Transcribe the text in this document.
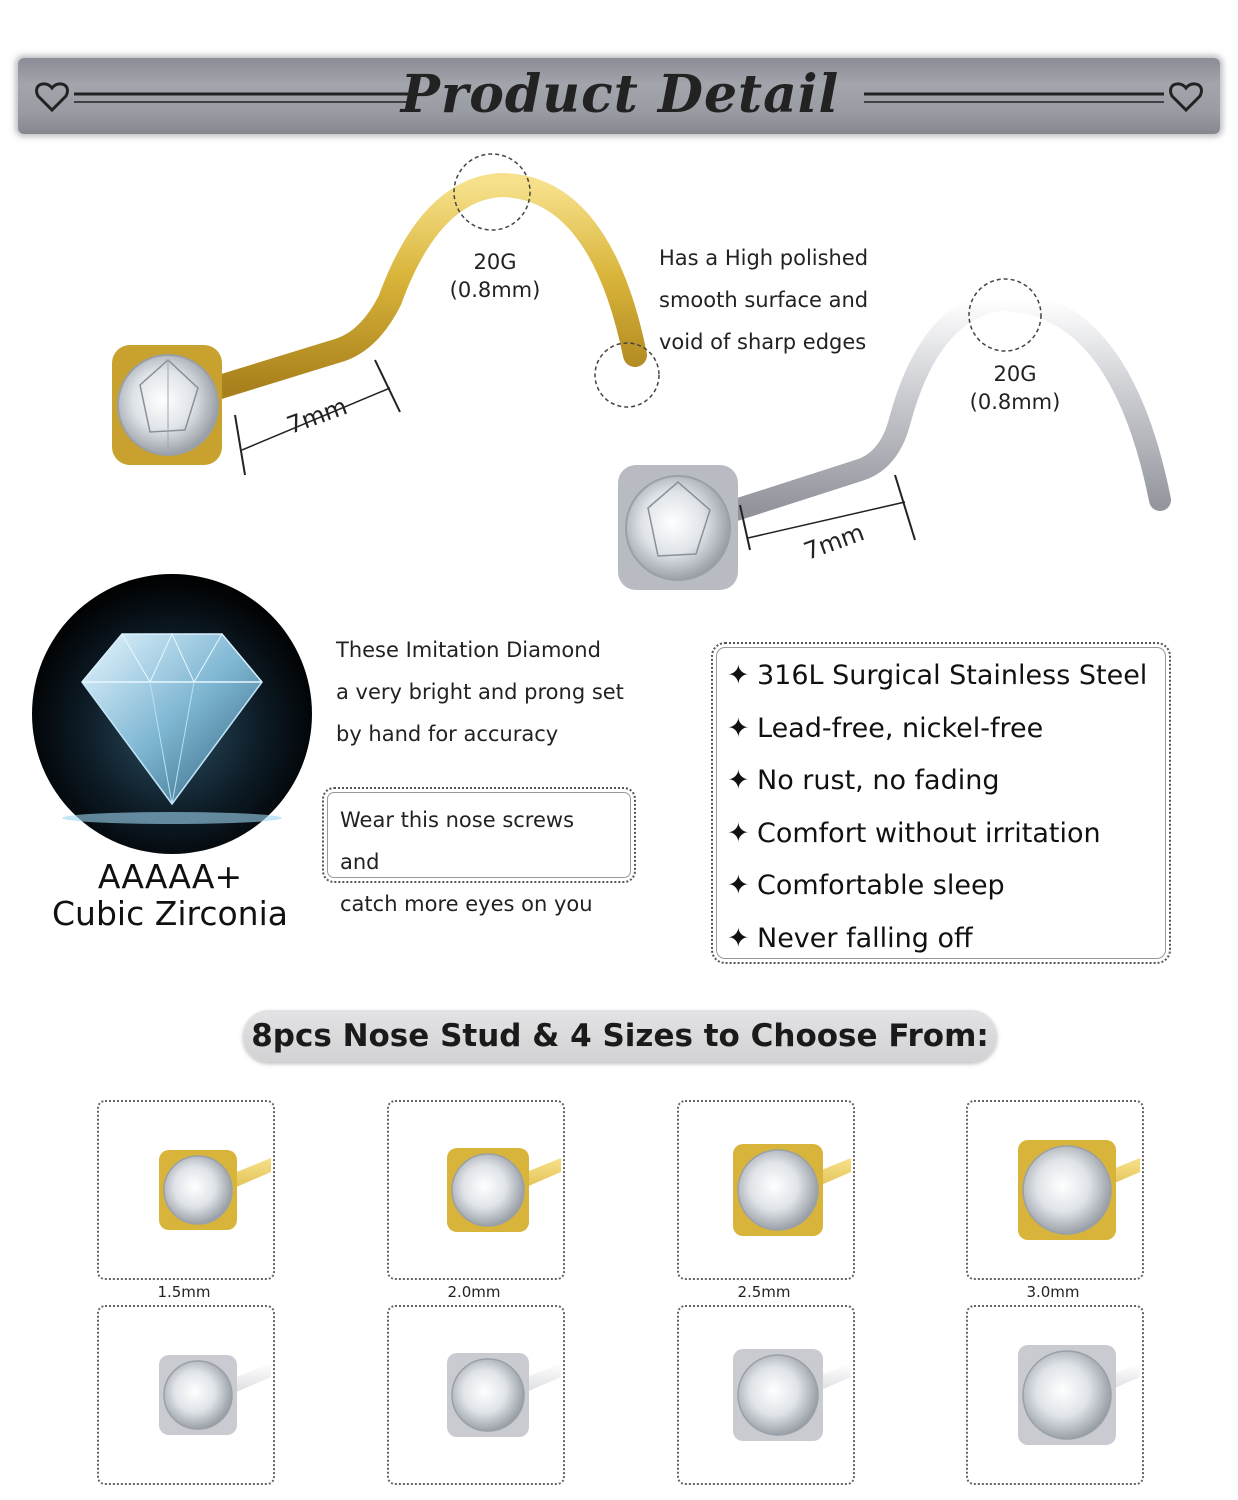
Product Detail
20G
(0.8mm)
7mm
Has a High polished
smooth surface and
void of sharp edges
20G
(0.8mm)
7mm
AAAAA+
Cubic Zirconia
These Imitation Diamond
a very bright and prong set
by hand for accuracy

Wear this nose screws and
catch more eyes on you

✦ 316L Surgical Stainless Steel
✦ Lead-free, nickel-free
✦ No rust, no fading
✦ Comfort without irritation
✦ Comfortable sleep
✦ Never falling off
8pcs Nose Stud & 4 Sizes to Choose From:
1.5mm	2.0mm	2.5mm	3.0mm
